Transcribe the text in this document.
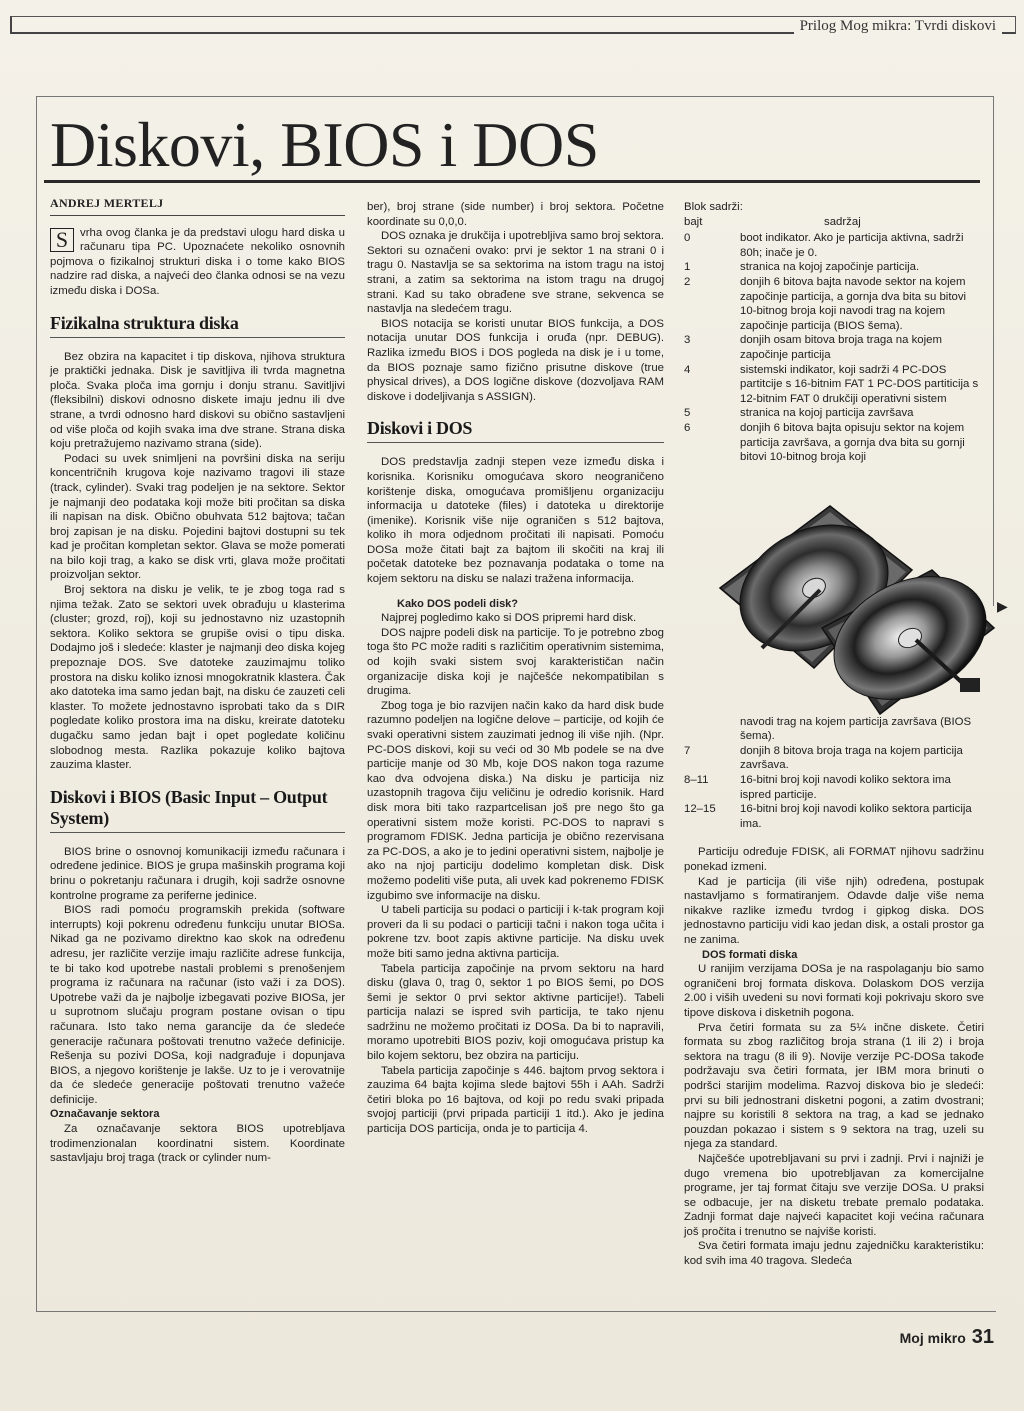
Prilog Mog mikra: Tvrdi diskovi
Diskovi, BIOS i DOS
ANDREJ MERTELJ

S	vrha ovog članka je da predstavi ulogu hard diska u računaru tipa PC. Upoznaćete nekoliko osnovnih pojmova o fizikalnoj strukturi diska i o tome kako BIOS nadzire rad diska, a najveći deo članka odnosi se na vezu između diska i DOSa.

Fizikalna struktura diska

Bez obzira na kapacitet i tip diskova, njihova struktura je praktički jednaka. Disk je savitljiva ili tvrda magnetna ploča. Svaka ploča ima gornju i donju stranu. Savitljivi (fleksibilni) diskovi odnosno diskete imaju jednu ili dve strane, a tvrdi odnosno hard diskovi su obično sastavljeni od više ploča od kojih svaka ima dve strane. Strana diska koju pretražujemo nazivamo strana (side).

Podaci su uvek snimljeni na površini diska na seriju koncentričnih krugova koje nazivamo tragovi ili staze (track, cylinder). Svaki trag podeljen je na sektore. Sektor je najmanji deo podataka koji može biti pročitan sa diska ili napisan na disk. Obično obuhvata 512 bajtova; tačan broj zapisan je na disku. Pojedini bajtovi dostupni su tek kad je pročitan kompletan sektor. Glava se može pomerati na bilo koji trag, a kako se disk vrti, glava može pročitati proizvoljan sektor.

Broj sektora na disku je velik, te je zbog toga rad s njima težak. Zato se sektori uvek obrađuju u klasterima (cluster; grozd, roj), koji su jednostavno niz uzastopnih sektora. Koliko sektora se grupiše ovisi o tipu diska. Dodajmo još i sledeće: klaster je najmanji deo diska kojeg prepoznaje DOS. Sve datoteke zauzimajmu toliko prostora na disku koliko iznosi mnogokratnik klastera. Čak ako datoteka ima samo jedan bajt, na disku će zauzeti celi klaster. To možete jednostavno isprobati tako da s DIR pogledate koliko prostora ima na disku, kreirate datoteku dugačku samo jedan bajt i opet pogledate količinu slobodnog mesta. Razlika pokazuje koliko bajtova zauzima klaster.

Diskovi i BIOS (Basic Input – Output System)

BIOS brine o osnovnoj komunikaciji između računara i određene jedinice. BIOS je grupa mašinskih programa koji brinu o pokretanju računara i drugih, koji sadrže osnovne kontrolne programe za periferne jedinice.

BIOS radi pomoću programskih prekida (software interrupts) koji pokrenu određenu funkciju unutar BIOSa. Nikad ga ne pozivamo direktno kao skok na određenu adresu, jer različite verzije imaju različite adrese funkcija, te bi tako kod upotrebe nastali problemi s prenošenjem programa iz računara na računar (isto važi i za DOS). Upotrebe važi da je najbolje izbegavati pozive BIOSa, jer u suprotnom slučaju program postane ovisan o tipu računara. Isto tako nema garancije da će sledeće generacije računara poštovati trenutno važeće definicije. Rešenja su pozivi DOSa, koji nadgrađuje i dopunjava BIOS, a njegovo korištenje je lakše. Uz to je i verovatnije da će sledeće generacije poštovati trenutno važeće definicije.

Označavanje sektora

Za označavanje sektora BIOS upotrebljava trodimenzionalan koordinatni sistem. Koordinate sastavljaju broj traga (track or cylinder num-

ber), broj strane (side number) i broj sektora. Početne koordinate su 0,0,0.

DOS oznaka je drukčija i upotrebljiva samo broj sektora. Sektori su označeni ovako: prvi je sektor 1 na strani 0 i tragu 0. Nastavlja se sa sektorima na istom tragu na istoj strani, a zatim sa sektorima na istom tragu na drugoj strani. Kad su tako obrađene sve strane, sekvenca se nastavlja na sledećem tragu.

BIOS notacija se koristi unutar BIOS funkcija, a DOS notacija unutar DOS funkcija i oruđa (npr. DEBUG). Razlika između BIOS i DOS pogleda na disk je i u tome, da BIOS poznaje samo fizično prisutne diskove (true physical drives), a DOS logične diskove (dozvoljava RAM diskove i dodeljivanja s ASSIGN).

Diskovi i DOS

DOS predstavlja zadnji stepen veze između diska i korisnika. Korisniku omogućava skoro neograničeno korištenje diska, omogućava promišljenu organizaciju informacija u datoteke (files) i datoteka u direktorije (imenike). Korisnik više nije ograničen s 512 bajtova, koliko ih mora odjednom pročitati ili napisati. Pomoću DOSa može čitati bajt za bajtom ili skočiti na kraj ili početak datoteke bez poznavanja podataka o tome na kojem sektoru na disku se nalazi tražena informacija.

Kako DOS podeli disk?

Najprej pogledimo kako si DOS pripremi hard disk.

DOS najpre podeli disk na particije. To je potrebno zbog toga što PC može raditi s različitim operativnim sistemima, od kojih svaki sistem svoj karakterističan način organizacije diska koji je najčešće nekompatibilan s drugima.

Zbog toga je bio razvijen način kako da hard disk bude razumno podeljen na logične delove – particije, od kojih će svaki operativni sistem zauzimati jednog ili više njih. (Npr. PC-DOS diskovi, koji su veći od 30 Mb podele se na dve particije manje od 30 Mb, koje DOS nakon toga razume kao dva odvojena diska.) Na disku je particija niz uzastopnih tragova čiju veličinu je odredio korisnik. Hard disk mora biti tako razpartcelisan još pre nego što ga operativni sistem može koristi. PC-DOS to napravi s programom FDISK. Jedna particija je obično rezervisana za PC-DOS, a ako je to jedini operativni sistem, najbolje je ako na njoj particiju dodelimo kompletan disk. Disk možemo podeliti više puta, ali uvek kad pokrenemo FDISK izgubimo sve informacije na disku.

U tabeli particija su podaci o particiji i k-tak program koji proveri da li su podaci o particiji tačni i nakon toga učita i pokrene tzv. boot zapis aktivne particije. Na disku uvek može biti samo jedna aktivna particija.

Tabela particija započinje na prvom sektoru na hard disku (glava 0, trag 0, sektor 1 po BIOS šemi, po DOS šemi je sektor 0 prvi sektor aktivne particije!). Tabeli particija nalazi se ispred svih particija, te tako njenu sadržinu ne možemo pročitati iz DOSa. Da bi to napravili, moramo upotrebiti BIOS poziv, koji omogućava pristup ka bilo kojem sektoru, bez obzira na particiju.

Tabela particija započinje s 446. bajtom prvog sektora i zauzima 64 bajta kojima slede bajtovi 55h i AAh. Sadrži četiri bloka po 16 bajtova, od koji po redu svaki pripada svojoj particiji (prvi pripada particiji 1 itd.). Ako je jedina particija DOS particija, onda je to particija 4.

Blok sadrži:
bajt	sadržaj
0	boot indikator. Ako je particija aktivna, sadrži 80h; inače je 0.
1	stranica na kojoj započinje particija.
2	donjih 6 bitova bajta navode sektor na kojem započinje particija, a gornja dva bita su bitovi 10-bitnog broja koji navodi trag na kojem započinje particija (BIOS šema).
3	donjih osam bitova broja traga na kojem započinje particija
4	sistemski indikator, koji sadrži 4 PC-DOS partitcije s 16-bitnim FAT 1 PC-DOS partiticija s 12-bitnim FAT 0 drukčiji operativni sistem
5	stranica na kojoj particija završava
6	donjih 6 bitova bajta opisuju sektor na kojem particija završava, a gornja dva bita su gornji bitovi 10-bitnog broja koji
navodi trag na kojem particija završava (BIOS šema).
7	donjih 8 bitova broja traga na kojem particija završava.
8–11	16-bitni broj koji navodi koliko sektora ima ispred particije.
12–15	16-bitni broj koji navodi koliko sektora particija ima.

Particiju određuje FDISK, ali FORMAT njihovu sadržinu ponekad izmeni.

Kad je particija (ili više njih) određena, postupak nastavljamo s formatiranjem. Odavde dalje više nema nikakve razlike između tvrdog i gipkog diska. DOS jednostavno particiju vidi kao jedan disk, a ostali prostor ga ne zanima.

DOS formati diska

U ranijim verzijama DOSa je na raspolaganju bio samo ograničeni broj formata diskova. Dolaskom DOS verzija 2.00 i viših uvedeni su novi formati koji pokrivaju skoro sve tipove diskova i disketnih pogona.

Prva četiri formata su za 5¼ inčne diskete. Četiri formata su zbog različitog broja strana (1 ili 2) i broja sektora na tragu (8 ili 9). Novije verzije PC-DOSa takođe podržavaju sva četiri formata, jer IBM mora brinuti o podršci starijim modelima. Razvoj diskova bio je sledeći: prvi su bili jednostrani disketni pogoni, a zatim dvostrani; najpre su koristili 8 sektora na trag, a kad se jednako pouzdan pokazao i sistem s 9 sektora na trag, uzeli su njega za standard.

Najčešće upotrebljavani su prvi i zadnji. Prvi i najniži je dugo vremena bio upotrebljavan za komercijalne programe, jer taj format čitaju sve verzije DOSa. U praksi se odbacuje, jer na disketu trebate premalo podataka. Zadnji format daje najveći kapacitet koji većina računara još pročita i trenutno se najviše koristi.

Sva četiri formata imaju jednu zajedničku karakteristiku: kod svih ima 40 tragova. Sledeća

▶
Moj mikro 31
